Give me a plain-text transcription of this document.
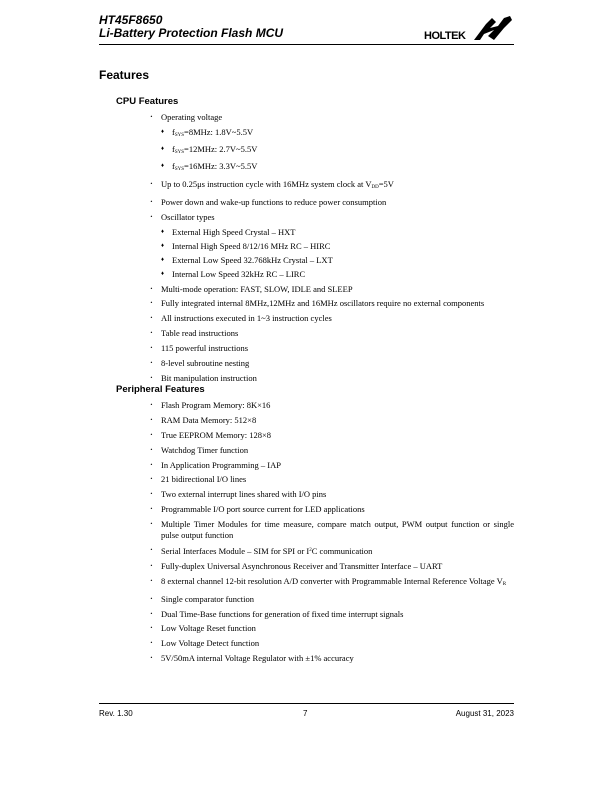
HT45F8650
Li-Battery Protection Flash MCU	HOLTEK
Features
CPU Features
· Operating voltage
♦ $f_{SYS}=8MHz$: 1.8V~5.5V
♦ $f_{SYS}=12MHz$: 2.7V~5.5V
♦ $f_{SYS}=16MHz$: 3.3V~5.5V
· Up to 0.25μs instruction cycle with 16MHz system clock at $V_{DD}=5V$
· Power down and wake-up functions to reduce power consumption
· Oscillator types
♦ External High Speed Crystal – HXT
♦ Internal High Speed 8/12/16 MHz RC – HIRC
♦ External Low Speed 32.768kHz Crystal – LXT
♦ Internal Low Speed 32kHz RC – LIRC
· Multi-mode operation: FAST, SLOW, IDLE and SLEEP
· Fully integrated internal 8MHz,12MHz and 16MHz oscillators require no external components
· All instructions executed in 1~3 instruction cycles
· Table read instructions
· 115 powerful instructions
· 8-level subroutine nesting
· Bit manipulation instruction
Peripheral Features
· Flash Program Memory: 8K×16
· RAM Data Memory: 512×8
· True EEPROM Memory: 128×8
· Watchdog Timer function
· In Application Programming – IAP
· 21 bidirectional I/O lines
· Two external interrupt lines shared with I/O pins
· Programmable I/O port source current for LED applications
· Multiple Timer Modules for time measure, compare match output, PWM output function or single pulse output function
· Serial Interfaces Module – SIM for SPI or $I^2C$ communication
· Fully-duplex Universal Asynchronous Receiver and Transmitter Interface – UART
· 8 external channel 12-bit resolution A/D converter with Programmable Internal Reference Voltage $V_R$
· Single comparator function
· Dual Time-Base functions for generation of fixed time interrupt signals
· Low Voltage Reset function
· Low Voltage Detect function
· 5V/50mA internal Voltage Regulator with ±1% accuracy
Rev. 1.30	7	August 31, 2023
